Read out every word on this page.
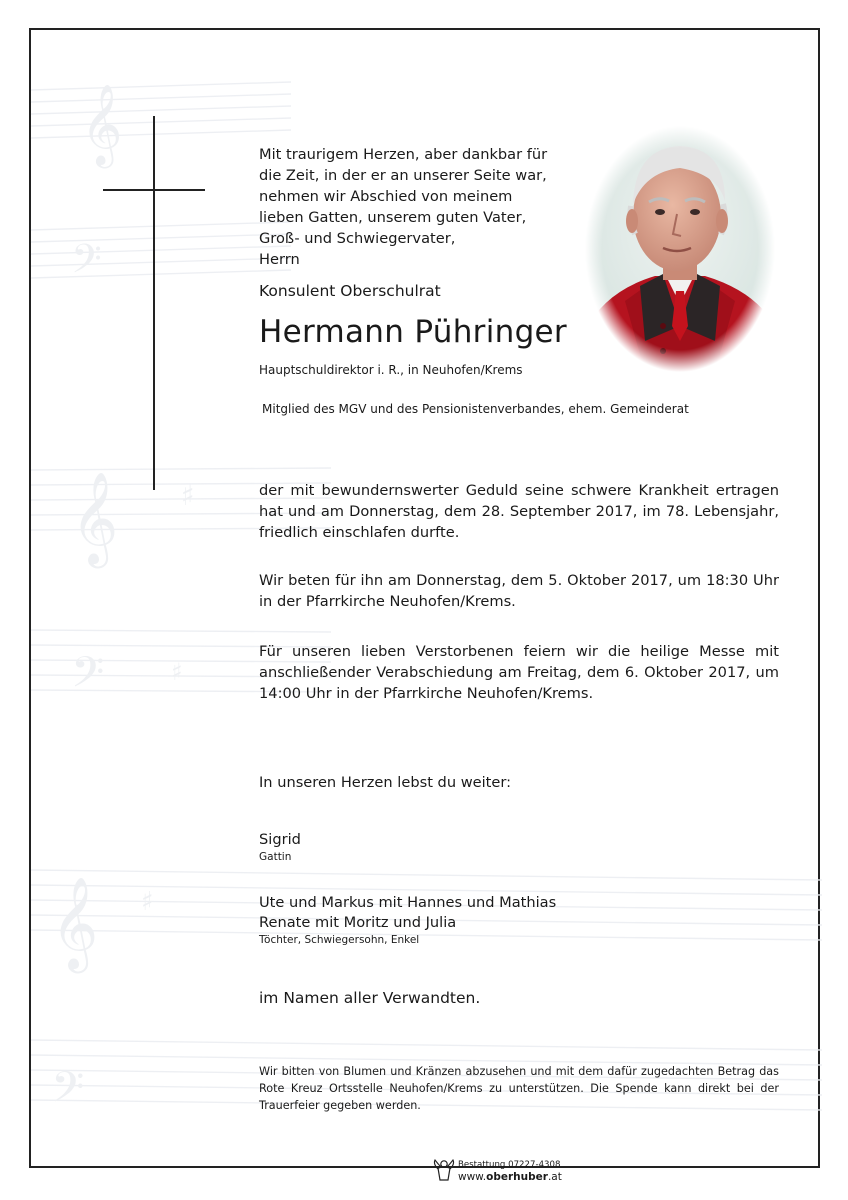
𝄞
𝄢
𝄞
𝄢
𝄞
𝄢
♯
♯
♯
Mit traurigem Herzen, aber dankbar für
die Zeit, in der er an unserer Seite war,
nehmen wir Abschied von meinem
lieben Gatten, unserem guten Vater,
Groß- und Schwiegervater,
Herrn
Konsulent Oberschulrat
Hermann Pühringer
Hauptschuldirektor i. R., in Neuhofen/Krems
Mitglied des MGV und des Pensionistenverbandes, ehem. Gemeinderat
der mit bewundernswerter Geduld seine schwere Krankheit ertragen hat und am Donnerstag, dem 28. September 2017, im 78. Lebensjahr, friedlich einschlafen durfte.
Wir beten für ihn am Donnerstag, dem 5. Oktober 2017, um 18:30 Uhr in der Pfarrkirche Neuhofen/Krems.
Für unseren lieben Verstorbenen feiern wir die heilige Messe mit anschließender Verabschiedung am Freitag, dem 6. Oktober 2017, um 14:00 Uhr in der Pfarrkirche Neuhofen/Krems.
In unseren Herzen lebst du weiter:
Sigrid
Gattin
Ute und Markus mit Hannes und Mathias
Renate mit Moritz und Julia
Töchter, Schwiegersohn, Enkel
im Namen aller Verwandten.
Wir bitten von Blumen und Kränzen abzusehen und mit dem dafür zugedachten Betrag das Rote Kreuz Ortsstelle Neuhofen/Krems zu unterstützen. Die Spende kann direkt bei der Trauerfeier gegeben werden.
Bestattung 07227-4308
www.oberhuber.at
